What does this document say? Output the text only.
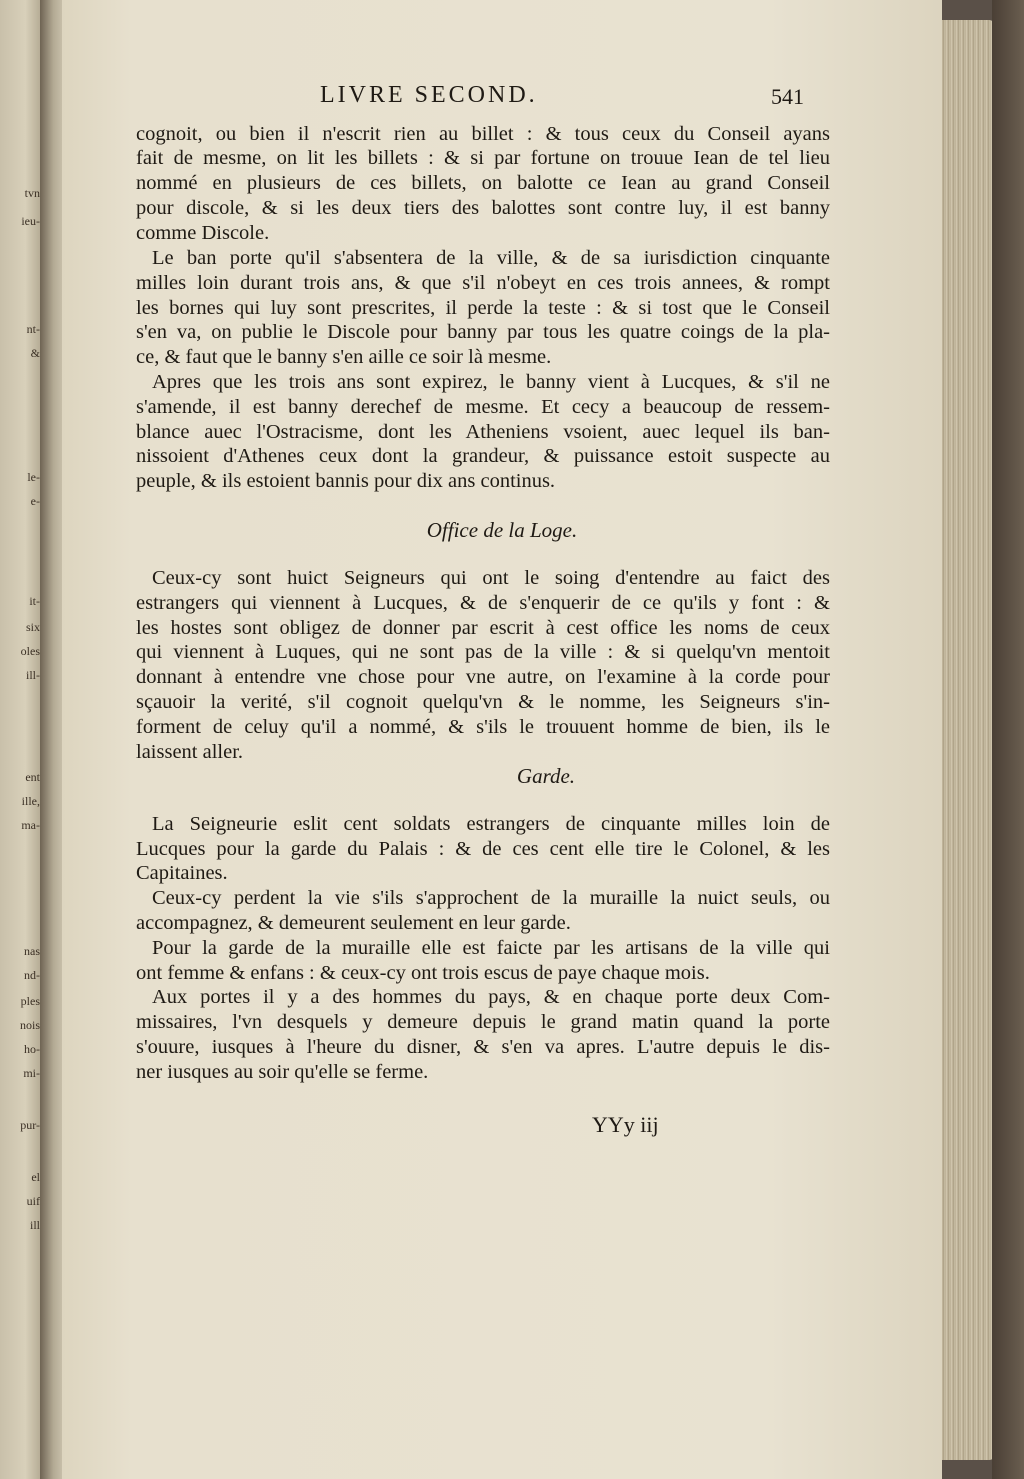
tvn
ieu-
nt-
&
le-
e-
it-
six
oles
ill-
ent
ille,
ma-
nas
nd-
ples
nois
ho-
mi-
pur-
el
uif
ill
LIVRE SECOND.	541
cognoit, ou bien il n'escrit rien au billet : & tous ceux du Conseil ayans
fait de mesme, on lit les billets : & si par fortune on trouue Iean de tel lieu
nommé en plusieurs de ces billets, on balotte ce Iean au grand Conseil
pour discole, & si les deux tiers des balottes sont contre luy, il est banny
comme Discole.
Le ban porte qu'il s'absentera de la ville, & de sa iurisdiction cinquante
milles loin durant trois ans, & que s'il n'obeyt en ces trois annees, & rompt
les bornes qui luy sont prescrites, il perde la teste : & si tost que le Conseil
s'en va, on publie le Discole pour banny par tous les quatre coings de la pla-
ce, & faut que le banny s'en aille ce soir là mesme.
Apres que les trois ans sont expirez, le banny vient à Lucques, & s'il ne
s'amende, il est banny derechef de mesme. Et cecy a beaucoup de ressem-
blance auec l'Ostracisme, dont les Atheniens vsoient, auec lequel ils ban-
nissoient d'Athenes ceux dont la grandeur, & puissance estoit suspecte au
peuple, & ils estoient bannis pour dix ans continus.
Office de la Loge.
Ceux-cy sont huict Seigneurs qui ont le soing d'entendre au faict des
estrangers qui viennent à Lucques, & de s'enquerir de ce qu'ils y font : &
les hostes sont obligez de donner par escrit à cest office les noms de ceux
qui viennent à Luques, qui ne sont pas de la ville : & si quelqu'vn mentoit
donnant à entendre vne chose pour vne autre, on l'examine à la corde pour
sçauoir la verité, s'il cognoit quelqu'vn & le nomme, les Seigneurs s'in-
forment de celuy qu'il a nommé, & s'ils le trouuent homme de bien, ils le
laissent aller.
Garde.
La Seigneurie eslit cent soldats estrangers de cinquante milles loin de
Lucques pour la garde du Palais : & de ces cent elle tire le Colonel, & les
Capitaines.
Ceux-cy perdent la vie s'ils s'approchent de la muraille la nuict seuls, ou
accompagnez, & demeurent seulement en leur garde.
Pour la garde de la muraille elle est faicte par les artisans de la ville qui
ont femme & enfans : & ceux-cy ont trois escus de paye chaque mois.
Aux portes il y a des hommes du pays, & en chaque porte deux Com-
missaires, l'vn desquels y demeure depuis le grand matin quand la porte
s'ouure, iusques à l'heure du disner, & s'en va apres. L'autre depuis le dis-
ner iusques au soir qu'elle se ferme.
YYy iij
